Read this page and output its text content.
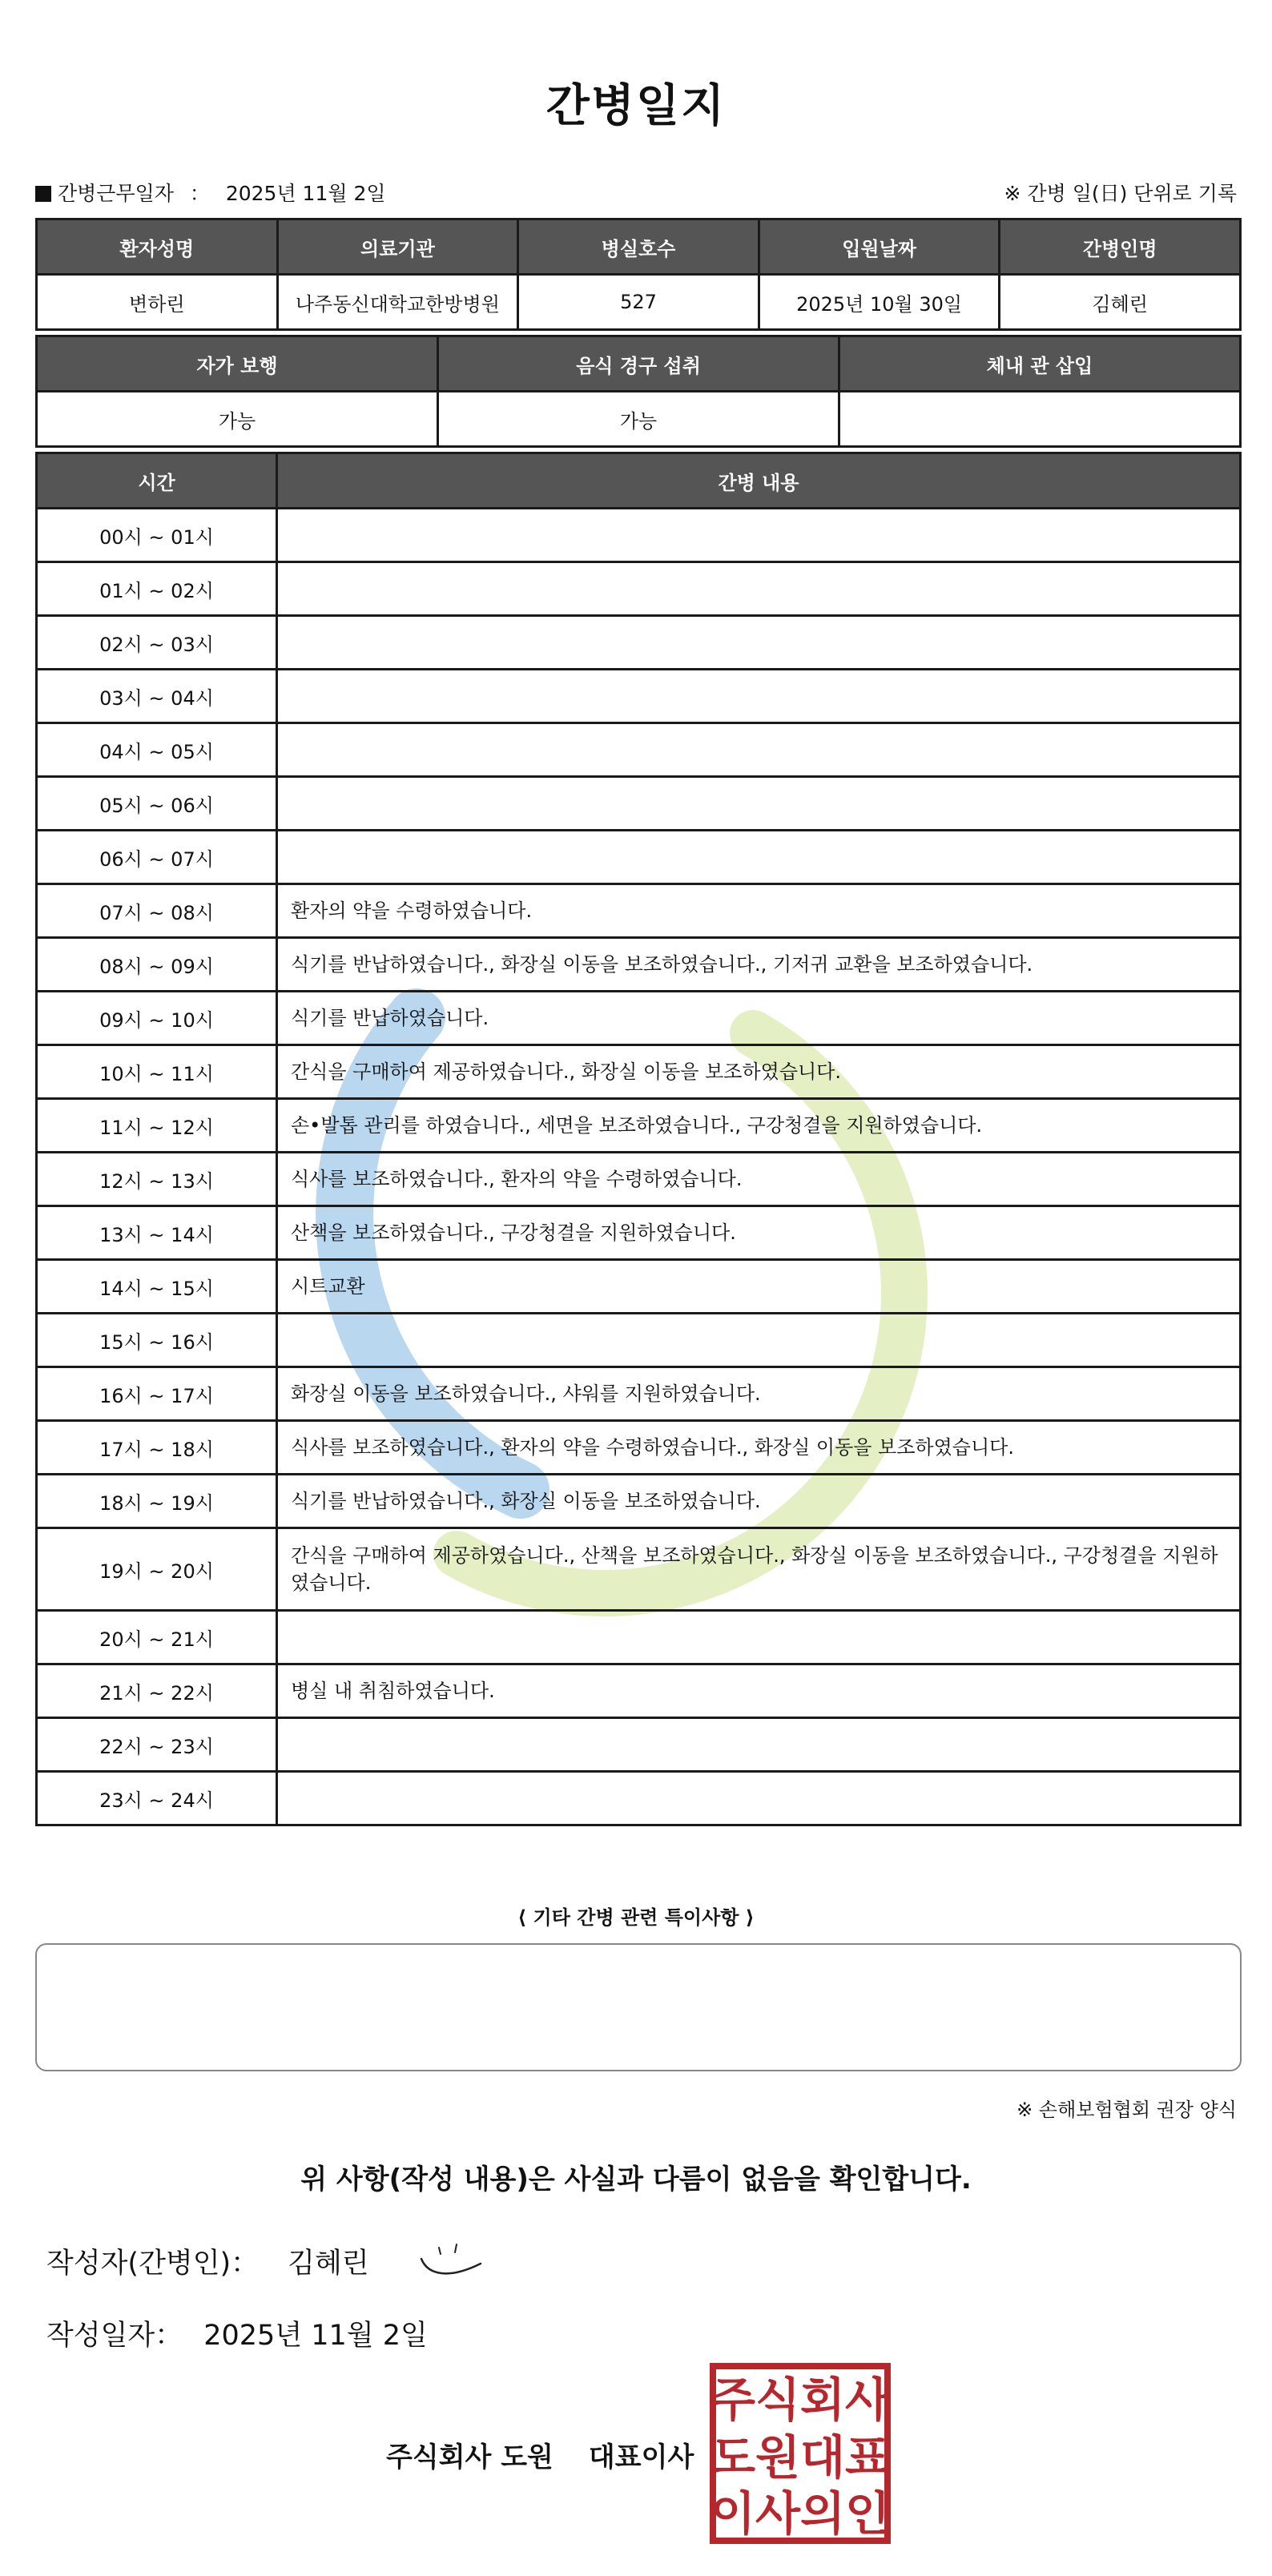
간병일지
간병근무일자 ： 2025년 11월 2일	※ 간병 일(日) 단위로 기록
환자성명	의료기관	병실호수	입원날짜	간병인명
변하린	나주동신대학교한방병원	527	2025년 10월 30일	김혜린
자가 보행	음식 경구 섭취	체내 관 삽입
가능	가능	
시간	간병 내용
00시 ~ 01시	
01시 ~ 02시	
02시 ~ 03시	
03시 ~ 04시	
04시 ~ 05시	
05시 ~ 06시	
06시 ~ 07시	
07시 ~ 08시	환자의 약을 수령하였습니다.
08시 ~ 09시	식기를 반납하였습니다., 화장실 이동을 보조하였습니다., 기저귀 교환을 보조하였습니다.
09시 ~ 10시	식기를 반납하였습니다.
10시 ~ 11시	간식을 구매하여 제공하였습니다., 화장실 이동을 보조하였습니다.
11시 ~ 12시	손•발톱 관리를 하였습니다., 세면을 보조하였습니다., 구강청결을 지원하였습니다.
12시 ~ 13시	식사를 보조하였습니다., 환자의 약을 수령하였습니다.
13시 ~ 14시	산책을 보조하였습니다., 구강청결을 지원하였습니다.
14시 ~ 15시	시트교환
15시 ~ 16시	
16시 ~ 17시	화장실 이동을 보조하였습니다., 샤워를 지원하였습니다.
17시 ~ 18시	식사를 보조하였습니다., 환자의 약을 수령하였습니다., 화장실 이동을 보조하였습니다.
18시 ~ 19시	식기를 반납하였습니다., 화장실 이동을 보조하였습니다.
19시 ~ 20시	간식을 구매하여 제공하였습니다., 산책을 보조하였습니다., 화장실 이동을 보조하였습니다., 구강청결을 지원하였습니다.
20시 ~ 21시	
21시 ~ 22시	병실 내 취침하였습니다.
22시 ~ 23시	
23시 ~ 24시	
⟨ 기타 간병 관련 특이사항 ⟩
※ 손해보험협회 권장 양식
위 사항(작성 내용)은 사실과 다름이 없음을 확인합니다.
작성자(간병인)： 김혜린
작성일자： 2025년 11월 2일
주식회사 도원 대표이사
주식회사
도원대표
이사의인
